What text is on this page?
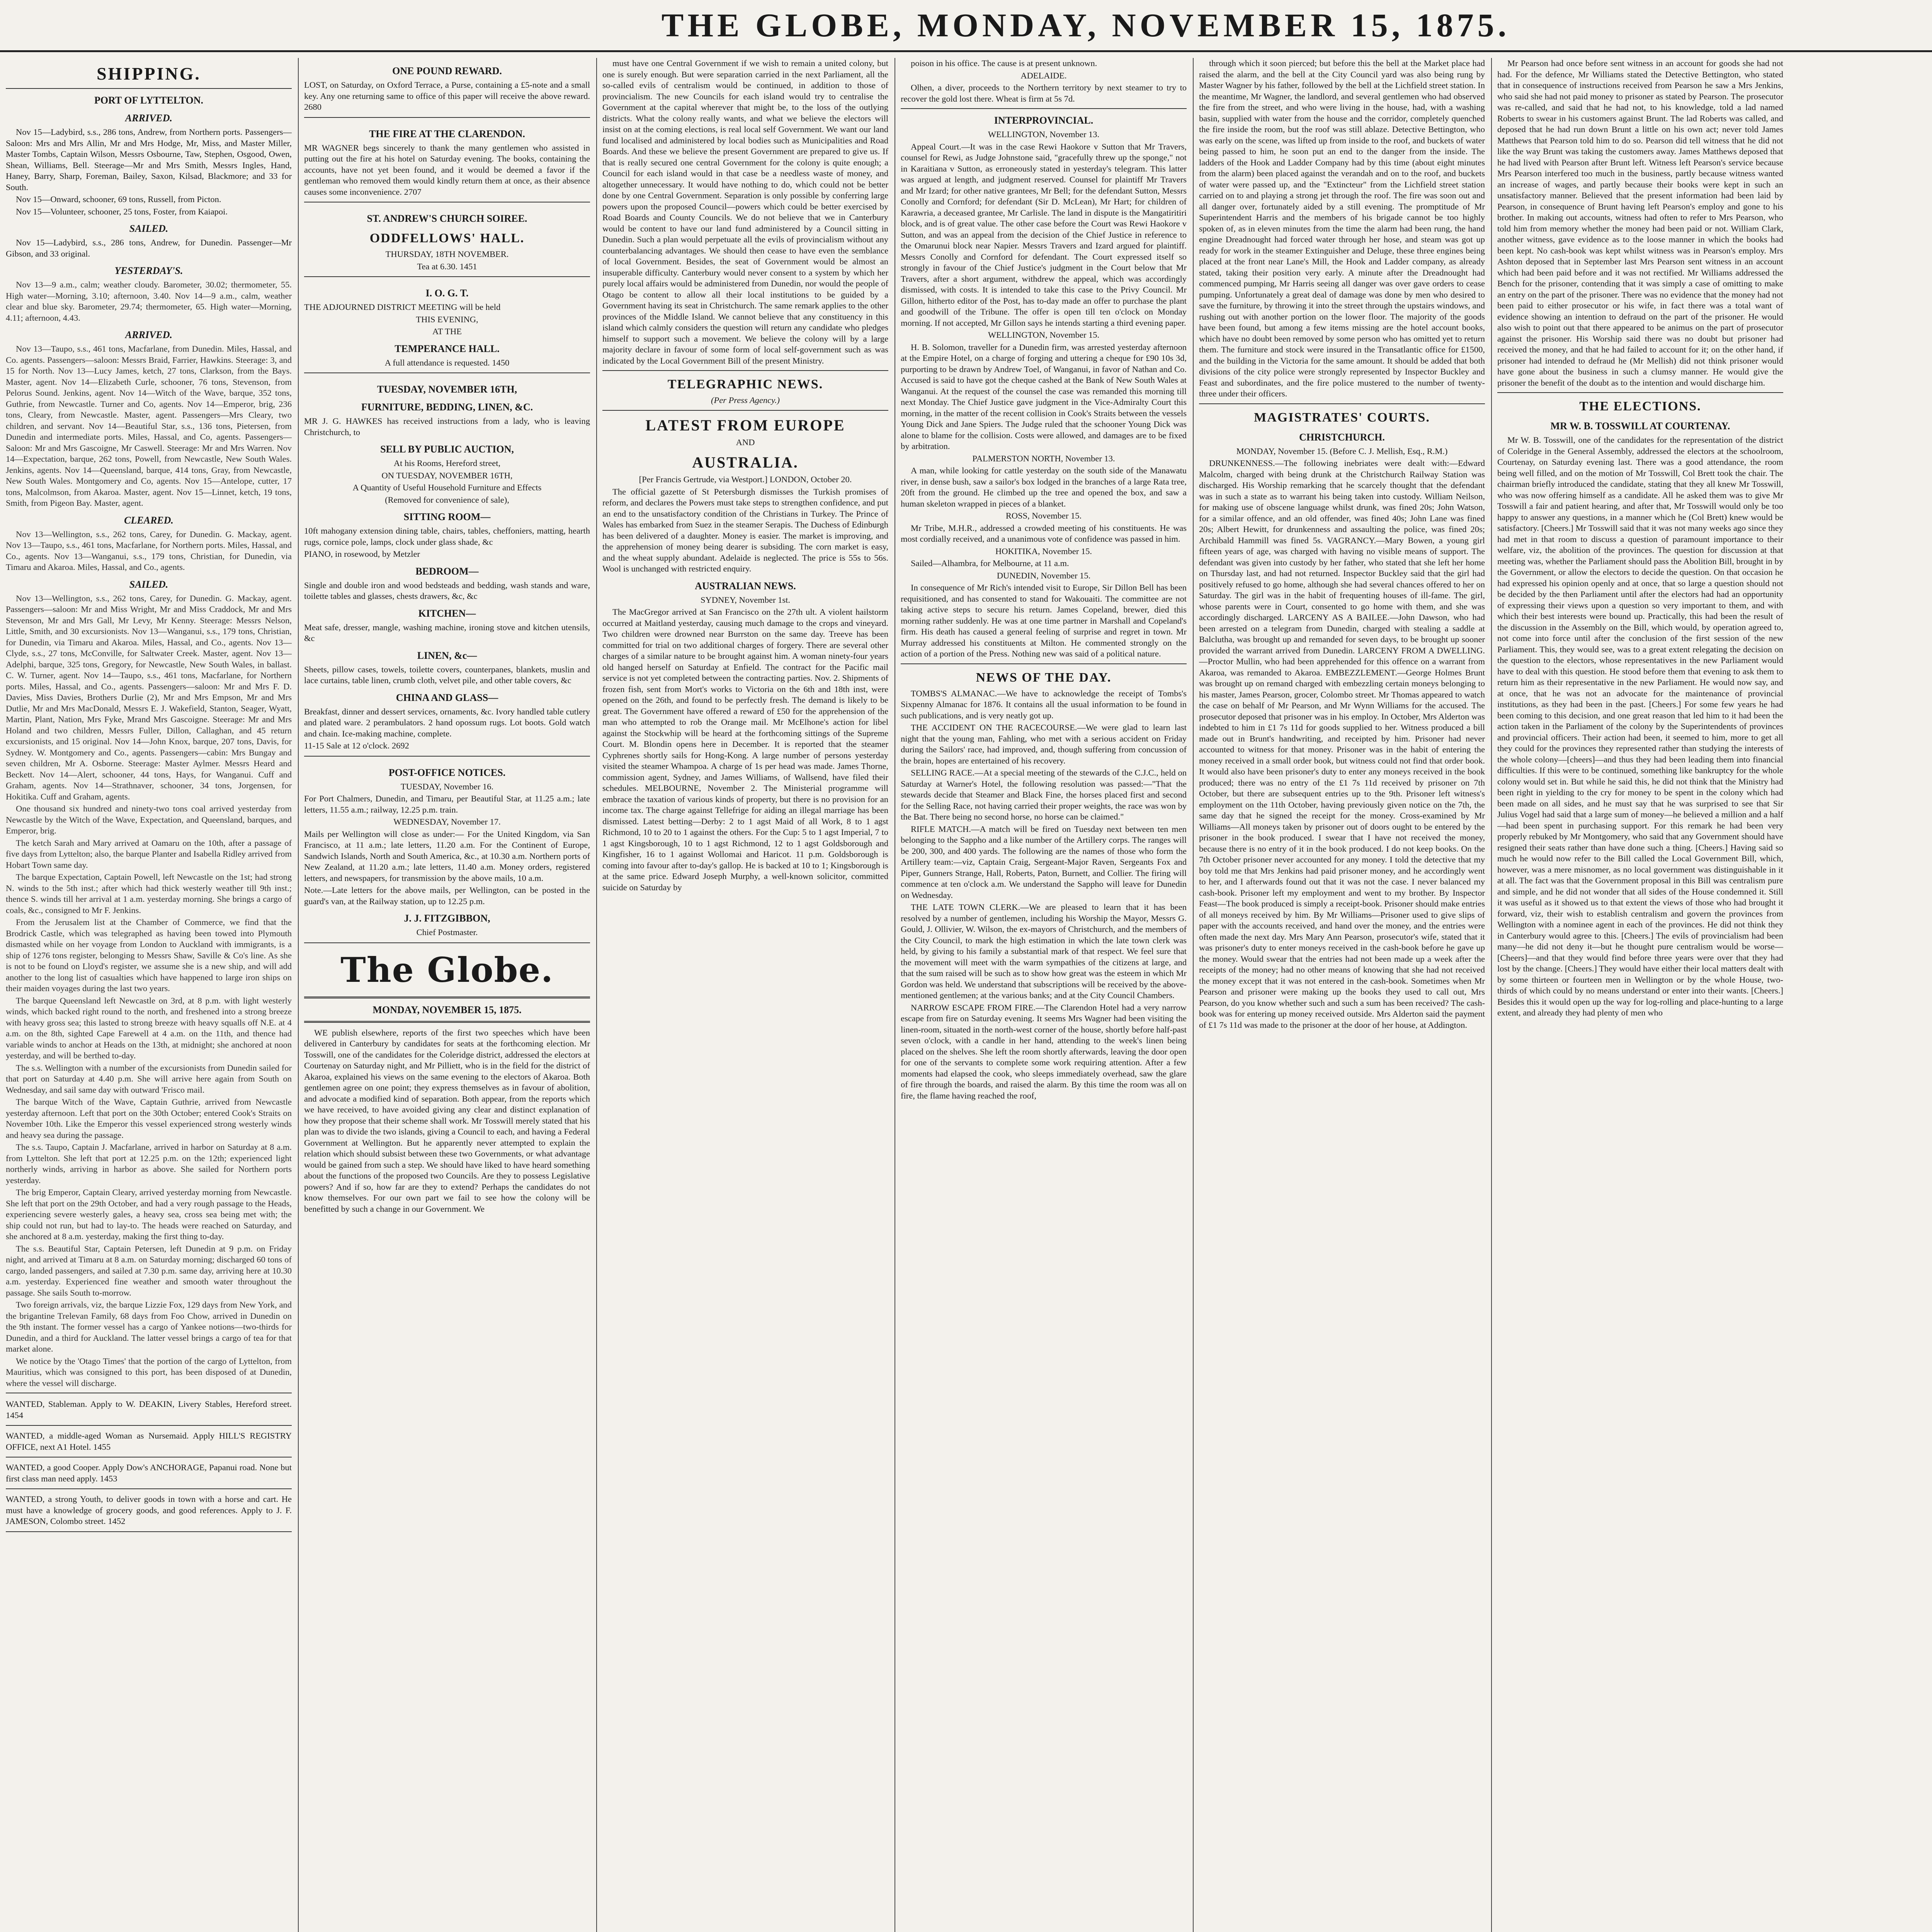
THE GLOBE, MONDAY, NOVEMBER 15, 1875.

SHIPPING.

PORT OF LYTTELTON.

ARRIVED.

Nov 15—Ladybird, s.s., 286 tons, Andrew, from Northern ports. Passengers—Saloon: Mrs and Mrs Allin, Mr and Mrs Hodge, Mr, Miss, and Master Miller, Master Tombs, Captain Wilson, Messrs Osbourne, Taw, Stephen, Osgood, Owen, Shean, Williams, Bell. Steerage—Mr and Mrs Smith, Messrs Ingles, Hand, Haney, Barry, Sharp, Foreman, Bailey, Saxon, Kilsad, Blackmore; and 33 for South.

Nov 15—Onward, schooner, 69 tons, Russell, from Picton.

Nov 15—Volunteer, schooner, 25 tons, Foster, from Kaiapoi.

SAILED.

Nov 15—Ladybird, s.s., 286 tons, Andrew, for Dunedin. Passenger—Mr Gibson, and 33 original.

YESTERDAY'S.

Nov 13—9 a.m., calm; weather cloudy. Barometer, 30.02; thermometer, 55. High water—Morning, 3.10; afternoon, 3.40. Nov 14—9 a.m., calm, weather clear and blue sky. Barometer, 29.74; thermometer, 65. High water—Morning, 4.11; afternoon, 4.43.

ARRIVED.

Nov 13—Taupo, s.s., 461 tons, Macfarlane, from Dunedin. Miles, Hassal, and Co. agents. Passengers—saloon: Messrs Braid, Farrier, Hawkins. Steerage: 3, and 15 for North. Nov 13—Lucy James, ketch, 27 tons, Clarkson, from the Bays. Master, agent. Nov 14—Elizabeth Curle, schooner, 76 tons, Stevenson, from Pelorus Sound. Jenkins, agent. Nov 14—Witch of the Wave, barque, 352 tons, Guthrie, from Newcastle. Turner and Co, agents. Nov 14—Emperor, brig, 236 tons, Cleary, from Newcastle. Master, agent. Passengers—Mrs Cleary, two children, and servant. Nov 14—Beautiful Star, s.s., 136 tons, Pietersen, from Dunedin and intermediate ports. Miles, Hassal, and Co, agents. Passengers—Saloon: Mr and Mrs Gascoigne, Mr Caswell. Steerage: Mr and Mrs Warren. Nov 14—Expectation, barque, 262 tons, Powell, from Newcastle, New South Wales. Jenkins, agents. Nov 14—Queensland, barque, 414 tons, Gray, from Newcastle, New South Wales. Montgomery and Co, agents. Nov 15—Antelope, cutter, 17 tons, Malcolmson, from Akaroa. Master, agent. Nov 15—Linnet, ketch, 19 tons, Smith, from Pigeon Bay. Master, agent.

CLEARED.

Nov 13—Wellington, s.s., 262 tons, Carey, for Dunedin. G. Mackay, agent. Nov 13—Taupo, s.s., 461 tons, Macfarlane, for Northern ports. Miles, Hassal, and Co., agents. Nov 13—Wanganui, s.s., 179 tons, Christian, for Dunedin, via Timaru and Akaroa. Miles, Hassal, and Co., agents.

SAILED.

Nov 13—Wellington, s.s., 262 tons, Carey, for Dunedin. G. Mackay, agent. Passengers—saloon: Mr and Miss Wright, Mr and Miss Craddock, Mr and Mrs Stevenson, Mr and Mrs Gall, Mr Levy, Mr Kenny. Steerage: Messrs Nelson, Little, Smith, and 30 excursionists. Nov 13—Wanganui, s.s., 179 tons, Christian, for Dunedin, via Timaru and Akaroa. Miles, Hassal, and Co., agents. Nov 13—Clyde, s.s., 27 tons, McConville, for Saltwater Creek. Master, agent. Nov 13—Adelphi, barque, 325 tons, Gregory, for Newcastle, New South Wales, in ballast. C. W. Turner, agent. Nov 14—Taupo, s.s., 461 tons, Macfarlane, for Northern ports. Miles, Hassal, and Co., agents. Passengers—saloon: Mr and Mrs F. D. Davies, Miss Davies, Brothers Durlie (2), Mr and Mrs Empson, Mr and Mrs Dutlie, Mr and Mrs MacDonald, Messrs E. J. Wakefield, Stanton, Seager, Wyatt, Martin, Plant, Nation, Mrs Fyke, Mrand Mrs Gascoigne. Steerage: Mr and Mrs Holand and two children, Messrs Fuller, Dillon, Callaghan, and 45 return excursionists, and 15 original. Nov 14—John Knox, barque, 207 tons, Davis, for Sydney. W. Montgomery and Co., agents. Passengers—cabin: Mrs Bungay and seven children, Mr A. Osborne. Steerage: Master Aylmer. Messrs Heard and Beckett. Nov 14—Alert, schooner, 44 tons, Hays, for Wanganui. Cuff and Graham, agents. Nov 14—Strathnaver, schooner, 34 tons, Jorgensen, for Hokitika. Cuff and Graham, agents.

One thousand six hundred and ninety-two tons coal arrived yesterday from Newcastle by the Witch of the Wave, Expectation, and Queensland, barques, and Emperor, brig.

The ketch Sarah and Mary arrived at Oamaru on the 10th, after a passage of five days from Lyttelton; also, the barque Planter and Isabella Ridley arrived from Hobart Town same day.

The barque Expectation, Captain Powell, left Newcastle on the 1st; had strong N. winds to the 5th inst.; after which had thick westerly weather till 9th inst.; thence S. winds till her arrival at 1 a.m. yesterday morning. She brings a cargo of coals, &c., consigned to Mr F. Jenkins.

From the Jerusalem list at the Chamber of Commerce, we find that the Brodrick Castle, which was telegraphed as having been towed into Plymouth dismasted while on her voyage from London to Auckland with immigrants, is a ship of 1276 tons register, belonging to Messrs Shaw, Saville & Co's line. As she is not to be found on Lloyd's register, we assume she is a new ship, and will add another to the long list of casualties which have happened to large iron ships on their maiden voyages during the last two years.

The barque Queensland left Newcastle on 3rd, at 8 p.m. with light westerly winds, which backed right round to the north, and freshened into a strong breeze with heavy gross sea; this lasted to strong breeze with heavy squalls off N.E. at 4 a.m. on the 8th, sighted Cape Farewell at 4 a.m. on the 11th, and thence had variable winds to anchor at Heads on the 13th, at midnight; she anchored at noon yesterday, and will be berthed to-day.

The s.s. Wellington with a number of the excursionists from Dunedin sailed for that port on Saturday at 4.40 p.m. She will arrive here again from South on Wednesday, and sail same day with outward 'Frisco mail.

The barque Witch of the Wave, Captain Guthrie, arrived from Newcastle yesterday afternoon. Left that port on the 30th October; entered Cook's Straits on November 10th. Like the Emperor this vessel experienced strong westerly winds and heavy sea during the passage.

The s.s. Taupo, Captain J. Macfarlane, arrived in harbor on Saturday at 8 a.m. from Lyttelton. She left that port at 12.25 p.m. on the 12th; experienced light northerly winds, arriving in harbor as above. She sailed for Northern ports yesterday.

The brig Emperor, Captain Cleary, arrived yesterday morning from Newcastle. She left that port on the 29th October, and had a very rough passage to the Heads, experiencing severe westerly gales, a heavy sea, cross sea being met with; the ship could not run, but had to lay-to. The heads were reached on Saturday, and she anchored at 8 a.m. yesterday, making the first thing to-day.

The s.s. Beautiful Star, Captain Petersen, left Dunedin at 9 p.m. on Friday night, and arrived at Timaru at 8 a.m. on Saturday morning; discharged 60 tons of cargo, landed passengers, and sailed at 7.30 p.m. same day, arriving here at 10.30 a.m. yesterday. Experienced fine weather and smooth water throughout the passage. She sails South to-morrow.

Two foreign arrivals, viz, the barque Lizzie Fox, 129 days from New York, and the brigantine Trelevan Family, 68 days from Foo Chow, arrived in Dunedin on the 9th instant. The former vessel has a cargo of Yankee notions—two-thirds for Dunedin, and a third for Auckland. The latter vessel brings a cargo of tea for that market alone.

We notice by the 'Otago Times' that the portion of the cargo of Lyttelton, from Mauritius, which was consigned to this port, has been disposed of at Dunedin, where the vessel will discharge.

WANTED, Stableman. Apply to W. DEAKIN, Livery Stables, Hereford street. 1454

WANTED, a middle-aged Woman as Nursemaid. Apply HILL'S REGISTRY OFFICE, next A1 Hotel. 1455

WANTED, a good Cooper. Apply Dow's ANCHORAGE, Papanui road. None but first class man need apply. 1453

WANTED, a strong Youth, to deliver goods in town with a horse and cart. He must have a knowledge of grocery goods, and good references. Apply to J. F. JAMESON, Colombo street. 1452

ONE POUND REWARD.

LOST, on Saturday, on Oxford Terrace, a Purse, containing a £5-note and a small key. Any one returning same to office of this paper will receive the above reward. 2680

THE FIRE AT THE CLARENDON.

MR WAGNER begs sincerely to thank the many gentlemen who assisted in putting out the fire at his hotel on Saturday evening. The books, containing the accounts, have not yet been found, and it would be deemed a favor if the gentleman who removed them would kindly return them at once, as their absence causes some inconvenience. 2707

ST. ANDREW'S CHURCH SOIREE.

ODDFELLOWS' HALL.

THURSDAY, 18TH NOVEMBER.

Tea at 6.30. 1451

I. O. G. T.

THE ADJOURNED DISTRICT MEETING will be held

THIS EVENING,

AT THE

TEMPERANCE HALL.

A full attendance is requested. 1450

TUESDAY, NOVEMBER 16TH,

FURNITURE, BEDDING, LINEN, &C.

MR J. G. HAWKES has received instructions from a lady, who is leaving Christchurch, to

SELL BY PUBLIC AUCTION,

At his Rooms, Hereford street,

ON TUESDAY, NOVEMBER 16TH,

A Quantity of Useful Household Furniture and Effects

(Removed for convenience of sale),

SITTING ROOM—

10ft mahogany extension dining table, chairs, tables, cheffoniers, matting, hearth rugs, cornice pole, lamps, clock under glass shade, &c

PIANO, in rosewood, by Metzler

BEDROOM—

Single and double iron and wood bedsteads and bedding, wash stands and ware, toilette tables and glasses, chests drawers, &c, &c

KITCHEN—

Meat safe, dresser, mangle, washing machine, ironing stove and kitchen utensils, &c

LINEN, &c—

Sheets, pillow cases, towels, toilette covers, counterpanes, blankets, muslin and lace curtains, table linen, crumb cloth, velvet pile, and other table covers, &c

CHINA AND GLASS—

Breakfast, dinner and dessert services, ornaments, &c. Ivory handled table cutlery and plated ware. 2 perambulators. 2 hand opossum rugs. Lot boots. Gold watch and chain. Ice-making machine, complete.

11-15 Sale at 12 o'clock. 2692

POST-OFFICE NOTICES.

TUESDAY, November 16.

For Port Chalmers, Dunedin, and Timaru, per Beautiful Star, at 11.25 a.m.; late letters, 11.55 a.m.; railway, 12.25 p.m. train.

WEDNESDAY, November 17.

Mails per Wellington will close as under:— For the United Kingdom, via San Francisco, at 11 a.m.; late letters, 11.20 a.m. For the Continent of Europe, Sandwich Islands, North and South America, &c., at 10.30 a.m. Northern ports of New Zealand, at 11.20 a.m.; late letters, 11.40 a.m. Money orders, registered letters, and newspapers, for transmission by the above mails, 10 a.m.

Note.—Late letters for the above mails, per Wellington, can be posted in the guard's van, at the Railway station, up to 12.25 p.m.

J. J. FITZGIBBON,

Chief Postmaster.

The Globe.

MONDAY, NOVEMBER 15, 1875.

WE publish elsewhere, reports of the first two speeches which have been delivered in Canterbury by candidates for seats at the forthcoming election. Mr Tosswill, one of the candidates for the Coleridge district, addressed the electors at Courtenay on Saturday night, and Mr Pilliett, who is in the field for the district of Akaroa, explained his views on the same evening to the electors of Akaroa. Both gentlemen agree on one point; they express themselves as in favour of abolition, and advocate a modified kind of separation. Both appear, from the reports which we have received, to have avoided giving any clear and distinct explanation of how they propose that their scheme shall work. Mr Tosswill merely stated that his plan was to divide the two islands, giving a Council to each, and having a Federal Government at Wellington. But he apparently never attempted to explain the relation which should subsist between these two Governments, or what advantage would be gained from such a step. We should have liked to have heard something about the functions of the proposed two Councils. Are they to possess Legislative powers? And if so, how far are they to extend? Perhaps the candidates do not know themselves. For our own part we fail to see how the colony will be benefitted by such a change in our Government. We

must have one Central Government if we wish to remain a united colony, but one is surely enough. But were separation carried in the next Parliament, all the so-called evils of centralism would be continued, in addition to those of provincialism. The new Councils for each island would try to centralise the Government at the capital wherever that might be, to the loss of the outlying districts. What the colony really wants, and what we believe the electors will insist on at the coming elections, is real local self Government. We want our land fund localised and administered by local bodies such as Municipalities and Road Boards. And these we believe the present Government are prepared to give us. If that is really secured one central Government for the colony is quite enough; a Council for each island would in that case be a needless waste of money, and altogether unnecessary. It would have nothing to do, which could not be better done by one Central Government. Separation is only possible by conferring large powers upon the proposed Council—powers which could be better exercised by Road Boards and County Councils. We do not believe that we in Canterbury would be content to have our land fund administered by a Council sitting in Dunedin. Such a plan would perpetuate all the evils of provincialism without any counterbalancing advantages. We should then cease to have even the semblance of local Government. Besides, the seat of Government would be almost an insuperable difficulty. Canterbury would never consent to a system by which her purely local affairs would be administered from Dunedin, nor would the people of Otago be content to allow all their local institutions to be guided by a Government having its seat in Christchurch. The same remark applies to the other provinces of the Middle Island. We cannot believe that any constituency in this island which calmly considers the question will return any candidate who pledges himself to support such a movement. We believe the colony will by a large majority declare in favour of some form of local self-government such as was indicated by the Local Government Bill of the present Ministry.

TELEGRAPHIC NEWS.

(Per Press Agency.)

LATEST FROM EUROPE

AND

AUSTRALIA.

[Per Francis Gertrude, via Westport.] LONDON, October 20.

The official gazette of St Petersburgh dismisses the Turkish promises of reform, and declares the Powers must take steps to strengthen confidence, and put an end to the unsatisfactory condition of the Christians in Turkey. The Prince of Wales has embarked from Suez in the steamer Serapis. The Duchess of Edinburgh has been delivered of a daughter. Money is easier. The market is improving, and the apprehension of money being dearer is subsiding. The corn market is easy, and the wheat supply abundant. Adelaide is neglected. The price is 55s to 56s. Wool is unchanged with restricted enquiry.

AUSTRALIAN NEWS.

SYDNEY, November 1st.

The MacGregor arrived at San Francisco on the 27th ult. A violent hailstorm occurred at Maitland yesterday, causing much damage to the crops and vineyard. Two children were drowned near Burrston on the same day. Treeve has been committed for trial on two additional charges of forgery. There are several other charges of a similar nature to be brought against him. A woman ninety-four years old hanged herself on Saturday at Enfield. The contract for the Pacific mail service is not yet completed between the contracting parties. Nov. 2. Shipments of frozen fish, sent from Mort's works to Victoria on the 6th and 18th inst, were opened on the 26th, and found to be perfectly fresh. The demand is likely to be great. The Government have offered a reward of £50 for the apprehension of the man who attempted to rob the Orange mail. Mr McElhone's action for libel against the Stockwhip will be heard at the forthcoming sittings of the Supreme Court. M. Blondin opens here in December. It is reported that the steamer Cyphrenes shortly sails for Hong-Kong. A large number of persons yesterday visited the steamer Whampoa. A charge of 1s per head was made. James Thorne, commission agent, Sydney, and James Williams, of Wallsend, have filed their schedules. MELBOURNE, November 2. The Ministerial programme will embrace the taxation of various kinds of property, but there is no provision for an income tax. The charge against Tellefrige for aiding an illegal marriage has been dismissed. Latest betting—Derby: 2 to 1 agst Maid of all Work, 8 to 1 agst Richmond, 10 to 20 to 1 against the others. For the Cup: 5 to 1 agst Imperial, 7 to 1 agst Kingsborough, 10 to 1 agst Richmond, 12 to 1 agst Goldsborough and Kingfisher, 16 to 1 against Wollomai and Haricot. 11 p.m. Goldsborough is coming into favour after to-day's gallop. He is backed at 10 to 1; Kingsborough is at the same price. Edward Joseph Murphy, a well-known solicitor, committed suicide on Saturday by

poison in his office. The cause is at present unknown.

ADELAIDE.

Olhen, a diver, proceeds to the Northern territory by next steamer to try to recover the gold lost there. Wheat is firm at 5s 7d.

INTERPROVINCIAL.

WELLINGTON, November 13.

Appeal Court.—It was in the case Rewi Haokore v Sutton that Mr Travers, counsel for Rewi, as Judge Johnstone said, "gracefully threw up the sponge," not in Karaitiana v Sutton, as erroneously stated in yesterday's telegram. This latter was argued at length, and judgment reserved. Counsel for plaintiff Mr Travers and Mr Izard; for other native grantees, Mr Bell; for the defendant Sutton, Messrs Conolly and Cornford; for defendant (Sir D. McLean), Mr Hart; for children of Karawria, a deceased grantee, Mr Carlisle. The land in dispute is the Mangatiritiri block, and is of great value. The other case before the Court was Rewi Haokore v Sutton, and was an appeal from the decision of the Chief Justice in reference to the Omarunui block near Napier. Messrs Travers and Izard argued for plaintiff. Messrs Conolly and Cornford for defendant. The Court expressed itself so strongly in favour of the Chief Justice's judgment in the Court below that Mr Travers, after a short argument, withdrew the appeal, which was accordingly dismissed, with costs. It is intended to take this case to the Privy Council. Mr Gillon, hitherto editor of the Post, has to-day made an offer to purchase the plant and goodwill of the Tribune. The offer is open till ten o'clock on Monday morning. If not accepted, Mr Gillon says he intends starting a third evening paper.

WELLINGTON, November 15.

H. B. Solomon, traveller for a Dunedin firm, was arrested yesterday afternoon at the Empire Hotel, on a charge of forging and uttering a cheque for £90 10s 3d, purporting to be drawn by Andrew Toel, of Wanganui, in favor of Nathan and Co. Accused is said to have got the cheque cashed at the Bank of New South Wales at Wanganui. At the request of the counsel the case was remanded this morning till next Monday. The Chief Justice gave judgment in the Vice-Admiralty Court this morning, in the matter of the recent collision in Cook's Straits between the vessels Young Dick and Jane Spiers. The Judge ruled that the schooner Young Dick was alone to blame for the collision. Costs were allowed, and damages are to be fixed by arbitration.

PALMERSTON NORTH, November 13.

A man, while looking for cattle yesterday on the south side of the Manawatu river, in dense bush, saw a sailor's box lodged in the branches of a large Rata tree, 20ft from the ground. He climbed up the tree and opened the box, and saw a human skeleton wrapped in pieces of a blanket.

ROSS, November 15.

Mr Tribe, M.H.R., addressed a crowded meeting of his constituents. He was most cordially received, and a unanimous vote of confidence was passed in him.

HOKITIKA, November 15.

Sailed—Alhambra, for Melbourne, at 11 a.m.

DUNEDIN, November 15.

In consequence of Mr Rich's intended visit to Europe, Sir Dillon Bell has been requisitioned, and has consented to stand for Wakouaiti. The committee are not taking active steps to secure his return. James Copeland, brewer, died this morning rather suddenly. He was at one time partner in Marshall and Copeland's firm. His death has caused a general feeling of surprise and regret in town. Mr Murray addressed his constituents at Milton. He commented strongly on the action of a portion of the Press. Nothing new was said of a political nature.

NEWS OF THE DAY.

TOMBS'S ALMANAC.—We have to acknowledge the receipt of Tombs's Sixpenny Almanac for 1876. It contains all the usual information to be found in such publications, and is very neatly got up.

THE ACCIDENT ON THE RACECOURSE.—We were glad to learn last night that the young man, Fahling, who met with a serious accident on Friday during the Sailors' race, had improved, and, though suffering from concussion of the brain, hopes are entertained of his recovery.

SELLING RACE.—At a special meeting of the stewards of the C.J.C., held on Saturday at Warner's Hotel, the following resolution was passed:—"That the stewards decide that Steamer and Black Fine, the horses placed first and second for the Selling Race, not having carried their proper weights, the race was won by the Bat. There being no second horse, no horse can be claimed."

RIFLE MATCH.—A match will be fired on Tuesday next between ten men belonging to the Sappho and a like number of the Artillery corps. The ranges will be 200, 300, and 400 yards. The following are the names of those who form the Artillery team:—viz, Captain Craig, Sergeant-Major Raven, Sergeants Fox and Piper, Gunners Strange, Hall, Roberts, Paton, Burnett, and Collier. The firing will commence at ten o'clock a.m. We understand the Sappho will leave for Dunedin on Wednesday.

THE LATE TOWN CLERK.—We are pleased to learn that it has been resolved by a number of gentlemen, including his Worship the Mayor, Messrs G. Gould, J. Ollivier, W. Wilson, the ex-mayors of Christchurch, and the members of the City Council, to mark the high estimation in which the late town clerk was held, by giving to his family a substantial mark of that respect. We feel sure that the movement will meet with the warm sympathies of the citizens at large, and that the sum raised will be such as to show how great was the esteem in which Mr Gordon was held. We understand that subscriptions will be received by the above-mentioned gentlemen; at the various banks; and at the City Council Chambers.

NARROW ESCAPE FROM FIRE.—The Clarendon Hotel had a very narrow escape from fire on Saturday evening. It seems Mrs Wagner had been visiting the linen-room, situated in the north-west corner of the house, shortly before half-past seven o'clock, with a candle in her hand, attending to the week's linen being placed on the shelves. She left the room shortly afterwards, leaving the door open for one of the servants to complete some work requiring attention. After a few moments had elapsed the cook, who sleeps immediately overhead, saw the glare of fire through the boards, and raised the alarm. By this time the room was all on fire, the flame having reached the roof,

through which it soon pierced; but before this the bell at the Market place had raised the alarm, and the bell at the City Council yard was also being rung by Master Wagner by his father, followed by the bell at the Lichfield street station. In the meantime, Mr Wagner, the landlord, and several gentlemen who had observed the fire from the street, and who were living in the house, had, with a washing basin, supplied with water from the house and the corridor, completely quenched the fire inside the room, but the roof was still ablaze. Detective Bettington, who was early on the scene, was lifted up from inside to the roof, and buckets of water being passed to him, he soon put an end to the danger from the inside. The ladders of the Hook and Ladder Company had by this time (about eight minutes from the alarm) been placed against the verandah and on to the roof, and buckets of water were passed up, and the "Extincteur" from the Lichfield street station carried on to and playing a strong jet through the roof. The fire was soon out and all danger over, fortunately aided by a still evening. The promptitude of Mr Superintendent Harris and the members of his brigade cannot be too highly spoken of, as in eleven minutes from the time the alarm had been rung, the hand engine Dreadnought had forced water through her hose, and steam was got up ready for work in the steamer Extinguisher and Deluge, these three engines being placed at the front near Lane's Mill, the Hook and Ladder company, as already stated, taking their position very early. A minute after the Dreadnought had commenced pumping, Mr Harris seeing all danger was over gave orders to cease pumping. Unfortunately a great deal of damage was done by men who desired to save the furniture, by throwing it into the street through the upstairs windows, and rushing out with another portion on the lower floor. The majority of the goods have been found, but among a few items missing are the hotel account books, which have no doubt been removed by some person who has omitted yet to return them. The furniture and stock were insured in the Transatlantic office for £1500, and the building in the Victoria for the same amount. It should be added that both divisions of the city police were strongly represented by Inspector Buckley and Feast and subordinates, and the fire police mustered to the number of twenty-three under their officers.

MAGISTRATES' COURTS.

CHRISTCHURCH.

MONDAY, November 15. (Before C. J. Mellish, Esq., R.M.)

DRUNKENNESS.—The following inebriates were dealt with:—Edward Malcolm, charged with being drunk at the Christchurch Railway Station was discharged. His Worship remarking that he scarcely thought that the defendant was in such a state as to warrant his being taken into custody. William Neilson, for making use of obscene language whilst drunk, was fined 20s; John Watson, for a similar offence, and an old offender, was fined 40s; John Lane was fined 20s; Albert Hewitt, for drunkenness and assaulting the police, was fined 20s; Archibald Hammill was fined 5s. VAGRANCY.—Mary Bowen, a young girl fifteen years of age, was charged with having no visible means of support. The defendant was given into custody by her father, who stated that she left her home on Thursday last, and had not returned. Inspector Buckley said that the girl had positively refused to go home, although she had several chances offered to her on Saturday. The girl was in the habit of frequenting houses of ill-fame. The girl, whose parents were in Court, consented to go home with them, and she was accordingly discharged. LARCENY AS A BAILEE.—John Dawson, who had been arrested on a telegram from Dunedin, charged with stealing a saddle at Balclutha, was brought up and remanded for seven days, to be brought up sooner provided the warrant arrived from Dunedin. LARCENY FROM A DWELLING.—Proctor Mullin, who had been apprehended for this offence on a warrant from Akaroa, was remanded to Akaroa. EMBEZZLEMENT.—George Holmes Brunt was brought up on remand charged with embezzling certain moneys belonging to his master, James Pearson, grocer, Colombo street. Mr Thomas appeared to watch the case on behalf of Mr Pearson, and Mr Wynn Williams for the accused. The prosecutor deposed that prisoner was in his employ. In October, Mrs Alderton was indebted to him in £1 7s 11d for goods supplied to her. Witness produced a bill made out in Brunt's handwriting, and receipted by him. Prisoner had never accounted to witness for that money. Prisoner was in the habit of entering the money received in a small order book, but witness could not find that order book. It would also have been prisoner's duty to enter any moneys received in the book produced; there was no entry of the £1 7s 11d received by prisoner on 7th October, but there are subsequent entries up to the 9th. Prisoner left witness's employment on the 11th October, having previously given notice on the 7th, the same day that he signed the receipt for the money. Cross-examined by Mr Williams—All moneys taken by prisoner out of doors ought to be entered by the prisoner in the book produced. I swear that I have not received the money, because there is no entry of it in the book produced. I do not keep books. On the 7th October prisoner never accounted for any money. I told the detective that my boy told me that Mrs Jenkins had paid prisoner money, and he accordingly went to her, and I afterwards found out that it was not the case. I never balanced my cash-book. Prisoner left my employment and went to my brother. By Inspector Feast—The book produced is simply a receipt-book. Prisoner should make entries of all moneys received by him. By Mr Williams—Prisoner used to give slips of paper with the accounts received, and hand over the money, and the entries were often made the next day. Mrs Mary Ann Pearson, prosecutor's wife, stated that it was prisoner's duty to enter moneys received in the cash-book before he gave up the money. Would swear that the entries had not been made up a week after the receipts of the money; had no other means of knowing that she had not received the money except that it was not entered in the cash-book. Sometimes when Mr Pearson and prisoner were making up the books they used to call out, Mrs Pearson, do you know whether such and such a sum has been received? The cash-book was for entering up money received outside. Mrs Alderton said the payment of £1 7s 11d was made to the prisoner at the door of her house, at Addington.

Mr Pearson had once before sent witness in an account for goods she had not had. For the defence, Mr Williams stated the Detective Bettington, who stated that in consequence of instructions received from Pearson he saw a Mrs Jenkins, who said she had not paid money to prisoner as stated by Pearson. The prosecutor was re-called, and said that he had not, to his knowledge, told a lad named Roberts to swear in his customers against Brunt. The lad Roberts was called, and deposed that he had run down Brunt a little on his own act; never told James Matthews that Pearson told him to do so. Pearson did tell witness that he did not like the way Brunt was taking the customers away. James Matthews deposed that he had lived with Pearson after Brunt left. Witness left Pearson's service because Mrs Pearson interfered too much in the business, partly because witness wanted an increase of wages, and partly because their books were kept in such an unsatisfactory manner. Believed that the present information had been laid by Pearson, in consequence of Brunt having left Pearson's employ and gone to his brother. In making out accounts, witness had often to refer to Mrs Pearson, who told him from memory whether the money had been paid or not. William Clark, another witness, gave evidence as to the loose manner in which the books had been kept. No cash-book was kept whilst witness was in Pearson's employ. Mrs Ashton deposed that in September last Mrs Pearson sent witness in an account which had been paid before and it was not rectified. Mr Williams addressed the Bench for the prisoner, contending that it was simply a case of omitting to make an entry on the part of the prisoner. There was no evidence that the money had not been paid to either prosecutor or his wife, in fact there was a total want of evidence showing an intention to defraud on the part of the prisoner. He would also wish to point out that there appeared to be animus on the part of prosecutor against the prisoner. His Worship said there was no doubt but prisoner had received the money, and that he had failed to account for it; on the other hand, if prisoner had intended to defraud he (Mr Mellish) did not think prisoner would have gone about the business in such a clumsy manner. He would give the prisoner the benefit of the doubt as to the intention and would discharge him.

THE ELECTIONS.

MR W. B. TOSSWILL AT COURTENAY.

Mr W. B. Tosswill, one of the candidates for the representation of the district of Coleridge in the General Assembly, addressed the electors at the schoolroom, Courtenay, on Saturday evening last. There was a good attendance, the room being well filled, and on the motion of Mr Tosswill, Col Brett took the chair. The chairman briefly introduced the candidate, stating that they all knew Mr Tosswill, who was now offering himself as a candidate. All he asked them was to give Mr Tosswill a fair and patient hearing, and after that, Mr Tosswill would only be too happy to answer any questions, in a manner which he (Col Brett) knew would be satisfactory. [Cheers.] Mr Tosswill said that it was not many weeks ago since they had met in that room to discuss a question of paramount importance to their welfare, viz, the abolition of the provinces. The question for discussion at that meeting was, whether the Parliament should pass the Abolition Bill, brought in by the Government, or allow the electors to decide the question. On that occasion he had expressed his opinion openly and at once, that so large a question should not be decided by the then Parliament until after the electors had had an opportunity of expressing their views upon a question so very important to them, and with which their best interests were bound up. Practically, this had been the result of the discussion in the Assembly on the Bill, which would, by operation agreed to, not come into force until after the conclusion of the first session of the new Parliament. This, they would see, was to a great extent relegating the decision on the question to the electors, whose representatives in the new Parliament would have to deal with this question. He stood before them that evening to ask them to return him as their representative in the new Parliament. He would now say, and at once, that he was not an advocate for the maintenance of provincial institutions, as they had been in the past. [Cheers.] For some few years he had been coming to this decision, and one great reason that led him to it had been the action taken in the Parliament of the colony by the Superintendents of provinces and provincial officers. Their action had been, it seemed to him, more to get all they could for the provinces they represented rather than studying the interests of the whole colony—[cheers]—and thus they had been leading them into financial difficulties. If this were to be continued, something like bankruptcy for the whole colony would set in. But while he said this, he did not think that the Ministry had been right in yielding to the cry for money to be spent in the colony which had been made on all sides, and he must say that he was surprised to see that Sir Julius Vogel had said that a large sum of money—he believed a million and a half—had been spent in purchasing support. For this remark he had been very properly rebuked by Mr Montgomery, who said that any Government should have resigned their seats rather than have done such a thing. [Cheers.] Having said so much he would now refer to the Bill called the Local Government Bill, which, however, was a mere misnomer, as no local government was distinguishable in it at all. The fact was that the Government proposal in this Bill was centralism pure and simple, and he did not wonder that all sides of the House condemned it. Still it was useful as it showed us to that extent the views of those who had brought it forward, viz, their wish to establish centralism and govern the provinces from Wellington with a nominee agent in each of the provinces. He did not think they in Canterbury would agree to this. [Cheers.] The evils of provincialism had been many—he did not deny it—but he thought pure centralism would be worse—[Cheers]—and that they would find before three years were over that they had lost by the change. [Cheers.] They would have either their local matters dealt with by some thirteen or fourteen men in Wellington or by the whole House, two-thirds of which could by no means understand or enter into their wants. [Cheers.] Besides this it would open up the way for log-rolling and place-hunting to a large extent, and already they had plenty of men who
